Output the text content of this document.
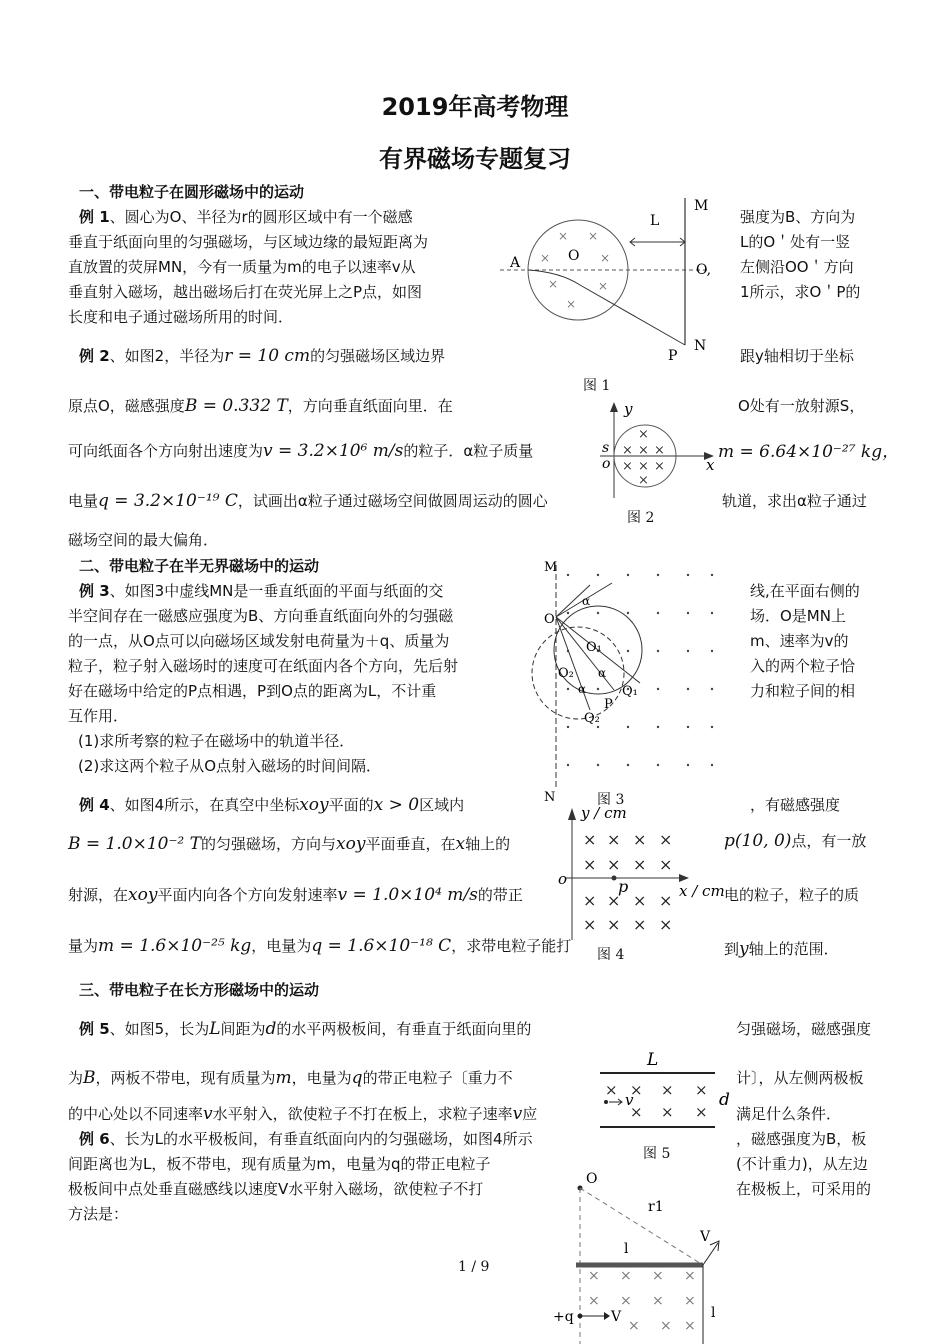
2019年高考物理
有界磁场专题复习
一、带电粒子在圆形磁场中的运动
例 1、圆心为O、半径为r的圆形区域中有一个磁感
垂直于纸面向里的匀强磁场，与区域边缘的最短距离为
直放置的荧屏MN，今有一质量为m的电子以速率v从
垂直射入磁场，越出磁场后打在荧光屏上之P点，如图
长度和电子通过磁场所用的时间．
强度为B、方向为
L的O＇处有一竖
左侧沿OO＇方向
1所示，求O＇P的
L
M
A	O
O,
N
P
× ×
×	×
×	×
×
图 1
例 2、如图2，半径为r = 10 cm的匀强磁场区域边界	跟y轴相切于坐标
原点O，磁感强度B = 0.332 T，方向垂直纸面向里．在	O处有一放射源S，
可向纸面各个方向射出速度为v = 3.2×10⁶ m/s的粒子．α粒子质量	m = 6.64×10⁻²⁷ kg，
电量q = 3.2×10⁻¹⁹ C，试画出α粒子通过磁场空间做圆周运动的圆心	轨道，求出α粒子通过
磁场空间的最大偏角．
y
x
s
o
×
× × ×
× × ×
×
图 2
二、带电粒子在半无界磁场中的运动
例 3、如图3中虚线MN是一垂直纸面的平面与纸面的交
半空间存在一磁感应强度为B、方向垂直纸面向外的匀强磁
的一点，从O点可以向磁场区域发射电荷量为＋q、质量为
粒子，粒子射入磁场时的速度可在纸面内各个方向，先后射
好在磁场中给定的P点相遇，P到O点的距离为L，不计重
互作用．
(1)求所考察的粒子在磁场中的轨道半径．
(2)求这两个粒子从O点射入磁场的时间间隔．
线,在平面右侧的
场．O是MN上
m、速率为v的
入的两个粒子恰
力和粒子间的相
M
N
O
O₁
O₂
Q₁
Q₂
P
α
α
α
图 3
例 4、如图4所示，在真空中坐标xoy平面的x > 0区域内	，有磁感强度
B = 1.0×10⁻² T的匀强磁场，方向与xoy平面垂直，在x轴上的	p(10, 0)点，有一放
射源，在xoy平面内向各个方向发射速率v = 1.0×10⁴ m/s的带正	电的粒子，粒子的质
量为m = 1.6×10⁻²⁵ kg，电量为q = 1.6×10⁻¹⁸ C，求带电粒子能打	到y轴上的范围．
y / cm
x / cm
o	p
× × × ×
× × × ×
× × × ×
× × × ×
图 4
三、带电粒子在长方形磁场中的运动
例 5、如图5，长为L间距为d的水平两极板间，有垂直于纸面向里的	匀强磁场，磁感强度
为B，两板不带电，现有质量为m，电量为q的带正电粒子〔重力不	计〕，从左侧两极板
的中心处以不同速率v水平射入，欲使粒子不打在板上，求粒子速率v应	满足什么条件．
L
× × × ×
× × ×
v	d
图 5
例 6、长为L的水平极板间，有垂直纸面向内的匀强磁场，如图4所示	，磁感强度为B，板
间距离也为L，板不带电，现有质量为m，电量为q的带正电粒子	(不计重力)，从左边
极板间中点处垂直磁感线以速度V水平射入磁场，欲使粒子不打	在极板上，可采用的
方法是：
O
r1
V
l
l
+q	V
× × × ×
× × × ×
× × ×
1 / 9
